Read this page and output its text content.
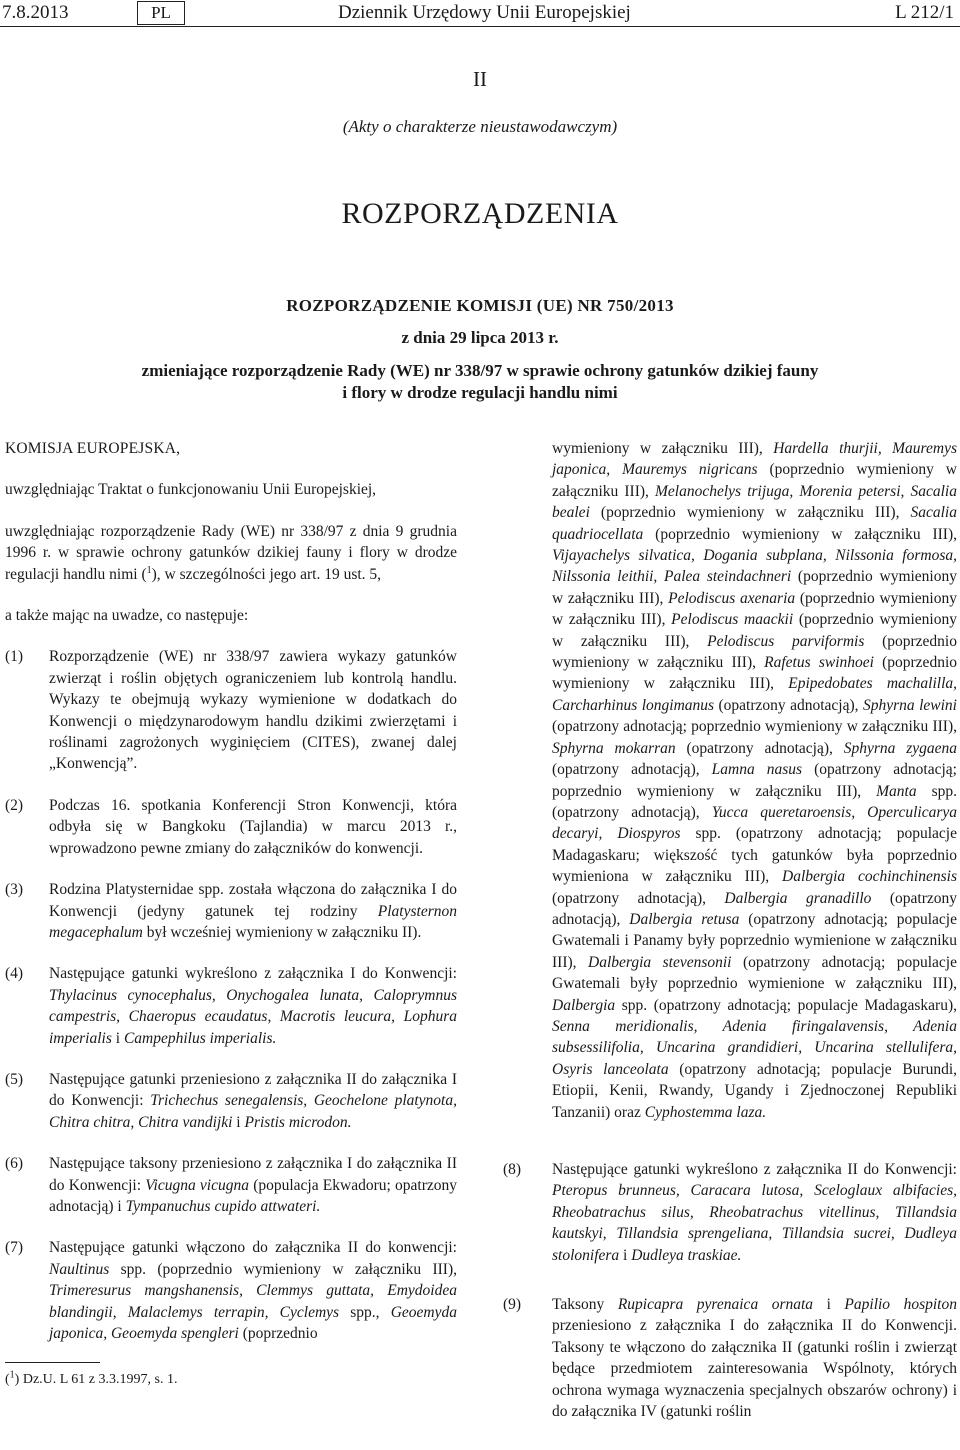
7.8.2013	PL	Dziennik Urzędowy Unii Europejskiej	L 212/1
II
(Akty o charakterze nieustawodawczym)
ROZPORZĄDZENIA
ROZPORZĄDZENIE KOMISJI (UE) NR 750/2013
z dnia 29 lipca 2013 r.
zmieniające rozporządzenie Rady (WE) nr 338/97 w sprawie ochrony gatunków dzikiej fauny
i flory w drodze regulacji handlu nimi

KOMISJA EUROPEJSKA,

uwzględniając Traktat o funkcjonowaniu Unii Europejskiej,

uwzględniając rozporządzenie Rady (WE) nr 338/97 z dnia 9 grudnia 1996 r. w sprawie ochrony gatunków dzikiej fauny i flory w drodze regulacji handlu nimi ($^1$), w szczególności jego art. 19 ust. 5,

a także mając na uwadze, co następuje:

(1) Rozporządzenie (WE) nr 338/97 zawiera wykazy gatunków zwierząt i roślin objętych ograniczeniem lub kontrolą handlu. Wykazy te obejmują wykazy wymienione w dodatkach do Konwencji o międzynarodowym handlu dzikimi zwierzętami i roślinami zagrożonych wyginięciem (CITES), zwanej dalej „Konwencją”.
(2) Podczas 16. spotkania Konferencji Stron Konwencji, która odbyła się w Bangkoku (Tajlandia) w marcu 2013 r., wprowadzono pewne zmiany do załączników do konwencji.
(3) Rodzina Platysternidae spp. została włączona do załącznika I do Konwencji (jedyny gatunek tej rodziny Platysternon megacephalum był wcześniej wymieniony w załączniku II).
(4) Następujące gatunki wykreślono z załącznika I do Konwencji: Thylacinus cynocephalus, Onychogalea lunata, Caloprymnus campestris, Chaeropus ecaudatus, Macrotis leucura, Lophura imperialis i Campephilus imperialis.
(5) Następujące gatunki przeniesiono z załącznika II do załącznika I do Konwencji: Trichechus senegalensis, Geochelone platynota, Chitra chitra, Chitra vandijki i Pristis microdon.
(6) Następujące taksony przeniesiono z załącznika I do załącznika II do Konwencji: Vicugna vicugna (populacja Ekwadoru; opatrzony adnotacją) i Tympanuchus cupido attwateri.
(7) Następujące gatunki włączono do załącznika II do konwencji: Naultinus spp. (poprzednio wymieniony w załączniku III), Trimeresurus mangshanensis, Clemmys guttata, Emydoidea blandingii, Malaclemys terrapin, Cyclemys spp., Geoemyda japonica, Geoemyda spengleri (poprzednio

wymieniony w załączniku III), Hardella thurjii, Mauremys japonica, Mauremys nigricans (poprzednio wymieniony w załączniku III), Melanochelys trijuga, Morenia petersi, Sacalia bealei (poprzednio wymieniony w załączniku III), Sacalia quadriocellata (poprzednio wymieniony w załączniku III), Vijayachelys silvatica, Dogania subplana, Nilssonia formosa, Nilssonia leithii, Palea steindachneri (poprzednio wymieniony w załączniku III), Pelodiscus axenaria (poprzednio wymieniony w załączniku III), Pelodiscus maackii (poprzednio wymieniony w załączniku III), Pelodiscus parviformis (poprzednio wymieniony w załączniku III), Rafetus swinhoei (poprzednio wymieniony w załączniku III), Epipedobates machalilla, Carcharhinus longimanus (opatrzony adnotacją), Sphyrna lewini (opatrzony adnotacją; poprzednio wymieniony w załączniku III), Sphyrna mokarran (opatrzony adnotacją), Sphyrna zygaena (opatrzony adnotacją), Lamna nasus (opatrzony adnotacją; poprzednio wymieniony w załączniku III), Manta spp. (opatrzony adnotacją), Yucca queretaroensis, Operculicarya decaryi, Diospyros spp. (opatrzony adnotacją; populacje Madagaskaru; większość tych gatunków była poprzednio wymieniona w załączniku III), Dalbergia cochinchinensis (opatrzony adnotacją), Dalbergia granadillo (opatrzony adnotacją), Dalbergia retusa (opatrzony adnotacją; populacje Gwatemali i Panamy były poprzednio wymienione w załączniku III), Dalbergia stevensonii (opatrzony adnotacją; populacje Gwatemali były poprzednio wymienione w załączniku III), Dalbergia spp. (opatrzony adnotacją; populacje Madagaskaru), Senna meridionalis, Adenia firingalavensis, Adenia subsessilifolia, Uncarina grandidieri, Uncarina stellulifera, Osyris lanceolata (opatrzony adnotacją; populacje Burundi, Etiopii, Kenii, Rwandy, Ugandy i Zjednoczonej Republiki Tanzanii) oraz Cyphostemma laza.

(8) Następujące gatunki wykreślono z załącznika II do Konwencji: Pteropus brunneus, Caracara lutosa, Sceloglaux albifacies, Rheobatrachus silus, Rheobatrachus vitellinus, Tillandsia kautskyi, Tillandsia sprengeliana, Tillandsia sucrei, Dudleya stolonifera i Dudleya traskiae.
(9) Taksony Rupicapra pyrenaica ornata i Papilio hospiton przeniesiono z załącznika I do załącznika II do Konwencji. Taksony te włączono do załącznika II (gatunki roślin i zwierząt będące przedmiotem zainteresowania Wspólnoty, których ochrona wymaga wyznaczenia specjalnych obszarów ochrony) i do załącznika IV (gatunki roślin
($^1$) Dz.U. L 61 z 3.3.1997, s. 1.
